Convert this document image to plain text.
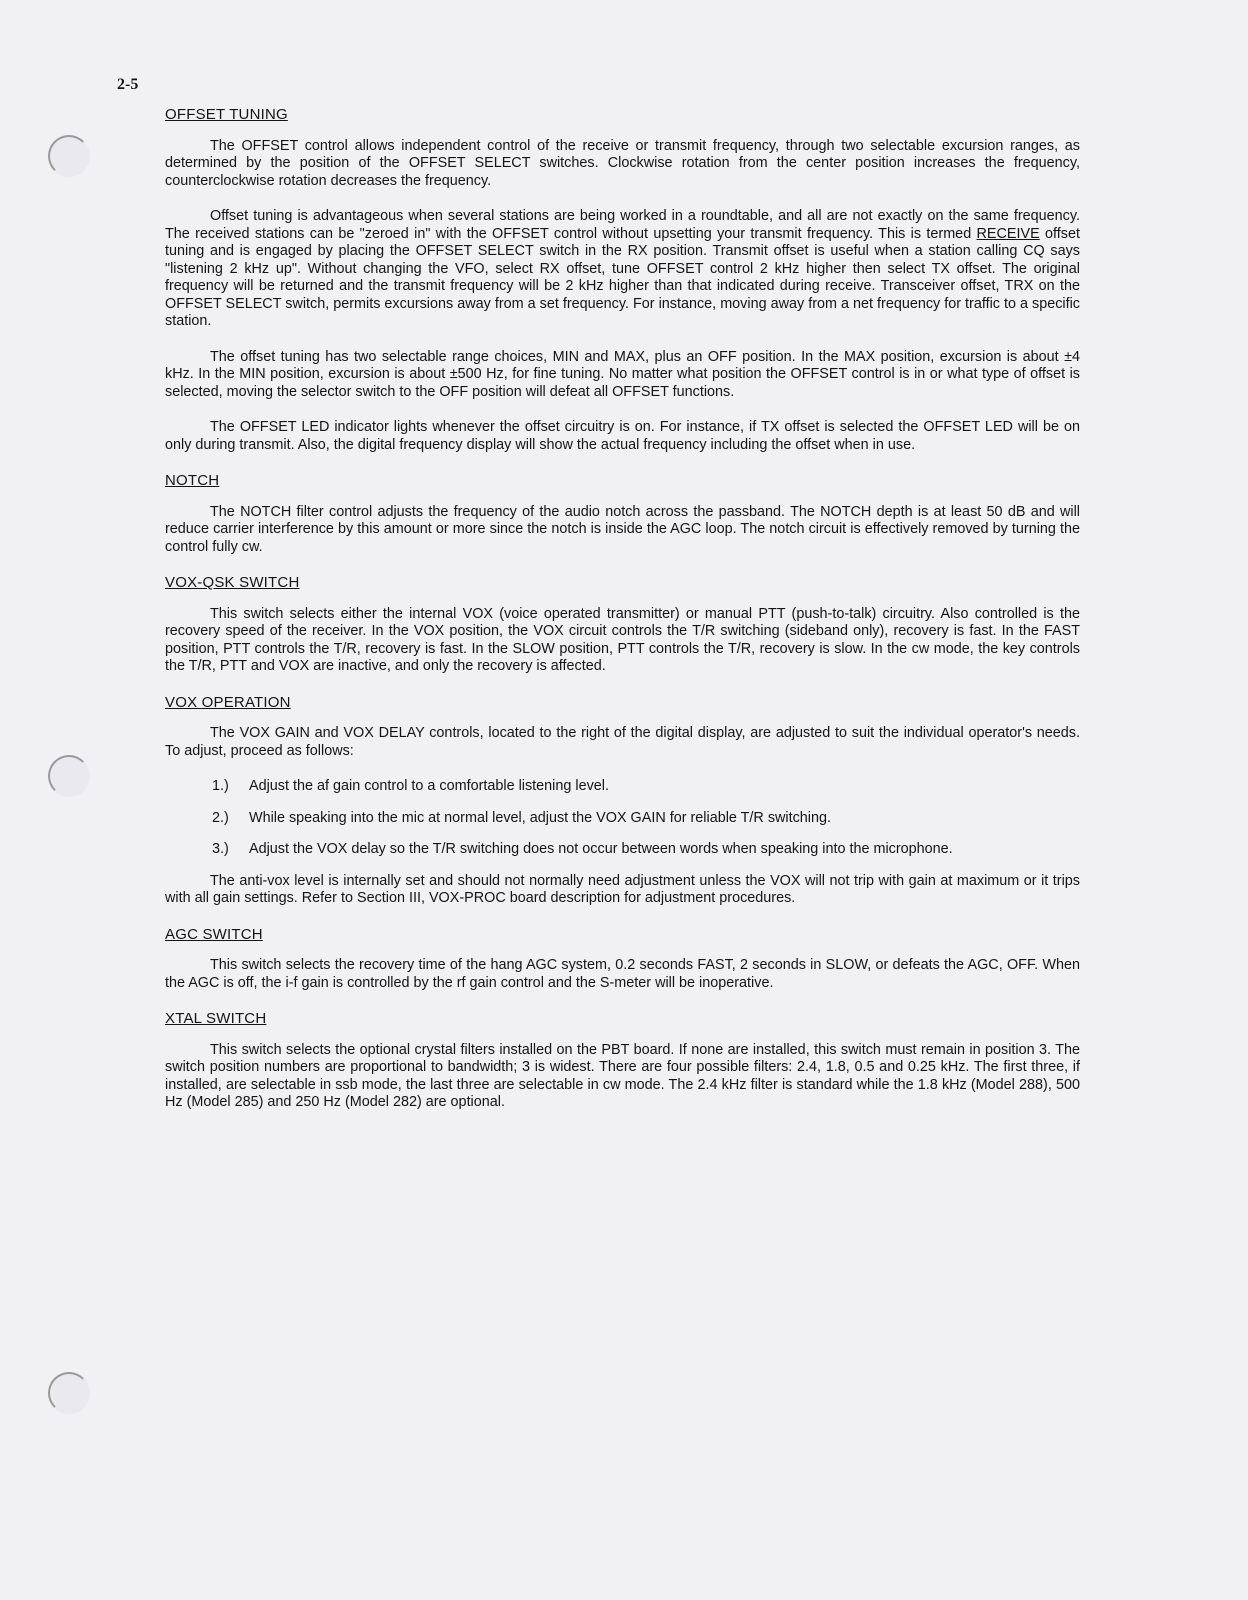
2-5
OFFSET TUNING

The OFFSET control allows independent control of the receive or transmit frequency, through two selectable excursion ranges, as determined by the position of the OFFSET SELECT switches. Clockwise rotation from the center position increases the frequency, counterclockwise rotation decreases the frequency.

Offset tuning is advantageous when several stations are being worked in a roundtable, and all are not exactly on the same frequency. The received stations can be "zeroed in" with the OFFSET control without upsetting your transmit frequency. This is termed RECEIVE offset tuning and is engaged by placing the OFFSET SELECT switch in the RX position. Transmit offset is useful when a station calling CQ says "listening 2 kHz up". Without changing the VFO, select RX offset, tune OFFSET control 2 kHz higher then select TX offset. The original frequency will be returned and the transmit frequency will be 2 kHz higher than that indicated during receive. Transceiver offset, TRX on the OFFSET SELECT switch, permits excursions away from a set frequency. For instance, moving away from a net frequency for traffic to a specific station.

The offset tuning has two selectable range choices, MIN and MAX, plus an OFF position. In the MAX position, excursion is about ±4 kHz. In the MIN position, excursion is about ±500 Hz, for fine tuning. No matter what position the OFFSET control is in or what type of offset is selected, moving the selector switch to the OFF position will defeat all OFFSET functions.

The OFFSET LED indicator lights whenever the offset circuitry is on. For instance, if TX offset is selected the OFFSET LED will be on only during transmit. Also, the digital frequency display will show the actual frequency including the offset when in use.

NOTCH

The NOTCH filter control adjusts the frequency of the audio notch across the passband. The NOTCH depth is at least 50 dB and will reduce carrier interference by this amount or more since the notch is inside the AGC loop. The notch circuit is effectively removed by turning the control fully cw.

VOX-QSK SWITCH

This switch selects either the internal VOX (voice operated transmitter) or manual PTT (push-to-talk) circuitry. Also controlled is the recovery speed of the receiver. In the VOX position, the VOX circuit controls the T/R switching (sideband only), recovery is fast. In the FAST position, PTT controls the T/R, recovery is fast. In the SLOW position, PTT controls the T/R, recovery is slow. In the cw mode, the key controls the T/R, PTT and VOX are inactive, and only the recovery is affected.

VOX OPERATION

The VOX GAIN and VOX DELAY controls, located to the right of the digital display, are adjusted to suit the individual operator's needs. To adjust, proceed as follows:

1.) Adjust the af gain control to a comfortable listening level.
2.) While speaking into the mic at normal level, adjust the VOX GAIN for reliable T/R switching.
3.) Adjust the VOX delay so the T/R switching does not occur between words when speaking into the microphone.

The anti-vox level is internally set and should not normally need adjustment unless the VOX will not trip with gain at maximum or it trips with all gain settings. Refer to Section III, VOX-PROC board description for adjustment procedures.

AGC SWITCH

This switch selects the recovery time of the hang AGC system, 0.2 seconds FAST, 2 seconds in SLOW, or defeats the AGC, OFF. When the AGC is off, the i-f gain is controlled by the rf gain control and the S-meter will be inoperative.

XTAL SWITCH

This switch selects the optional crystal filters installed on the PBT board. If none are installed, this switch must remain in position 3. The switch position numbers are proportional to bandwidth; 3 is widest. There are four possible filters: 2.4, 1.8, 0.5 and 0.25 kHz. The first three, if installed, are selectable in ssb mode, the last three are selectable in cw mode. The 2.4 kHz filter is standard while the 1.8 kHz (Model 288), 500 Hz (Model 285) and 250 Hz (Model 282) are optional.
